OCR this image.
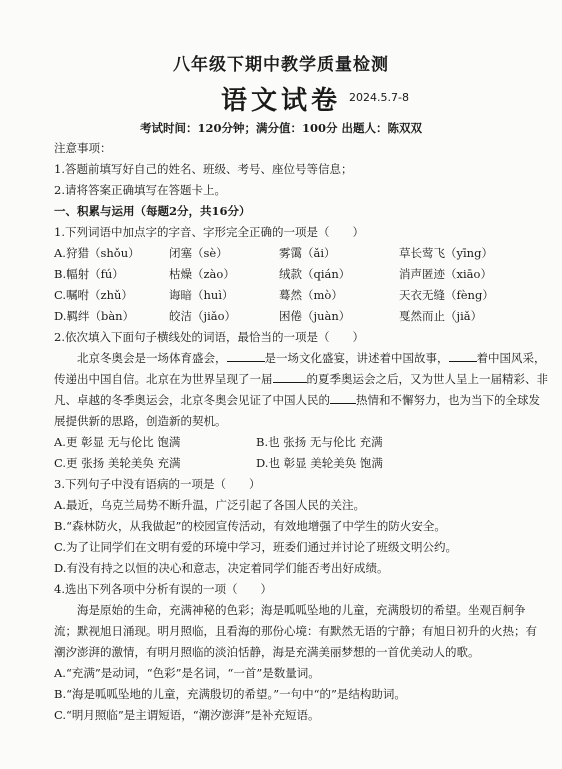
八年级下期中教学质量检测
语文试卷 2024.5.7-8
考试时间：120分钟；满分值：100分 出题人：陈双双
注意事项：
1.答题前填写好自己的姓名、班级、考号、座位号等信息；
2.请将答案正确填写在答题卡上。
一、积累与运用（每题2分，共16分）
1.下列词语中加点字的字音、字形完全正确的一项是（　　）
A.狩猎（shǒu）	闭塞（sè）	雾霭（ǎi）	草长莺飞（yīng）
B.幅射（fú）	枯燥（zào）	绒款（qián）	消声匿迹（xiāo）
C.嘱咐（zhǔ）	诲暗（huì）	蓦然（mò）	天衣无缝（fèng）
D.羁绊（bàn）	皎洁（jiǎo）	困倦（juàn）	戛然而止（jiǎ）
2.依次填入下面句子横线处的词语，最恰当的一项是（　　）
北京冬奥会是一场体育盛会，	是一场文化盛宴，讲述着中国故事， 着中国风采，传递出中国自信。北京在为世界呈现了一届	的夏季奥运会之后，又为世人呈上一届精彩、非凡、卓越的冬季奥运会，北京冬奥会见证了中国人民的 热情和不懈努力，也为当下的全球发展提供新的思路，创造新的契机。
A.更 彰显 无与伦比 饱满	B.也 张扬 无与伦比 充满
C.更 张扬 美轮美奂 充满	D.也 彰显 美轮美奂 饱满
3.下列句子中没有语病的一项是（　　）
A.最近，乌克兰局势不断升温，广泛引起了各国人民的关注。
B.“森林防火，从我做起”的校园宣传活动，有效地增强了中学生的防火安全。
C.为了让同学们在文明有爱的环境中学习，班委们通过并讨论了班级文明公约。
D.有没有持之以恒的决心和意志，决定着同学们能否考出好成绩。
4.选出下列各项中分析有误的一项（　　）
海是原始的生命，充满神秘的色彩；海是呱呱坠地的儿童，充满殷切的希望。坐观百舸争流；默视旭日涌现。明月照临，且看海的那份心境：有默然无语的宁静；有旭日初升的火热；有潮汐澎湃的激情，有明月照临的淡泊恬静，海是充满美丽梦想的一首优美动人的歌。
A.“充满”是动词，“色彩”是名词，“一首”是数量词。
B.“海是呱呱坠地的儿童，充满殷切的希望。”一句中“的”是结构助词。
C.“明月照临”是主谓短语，“潮汐澎湃”是补充短语。
